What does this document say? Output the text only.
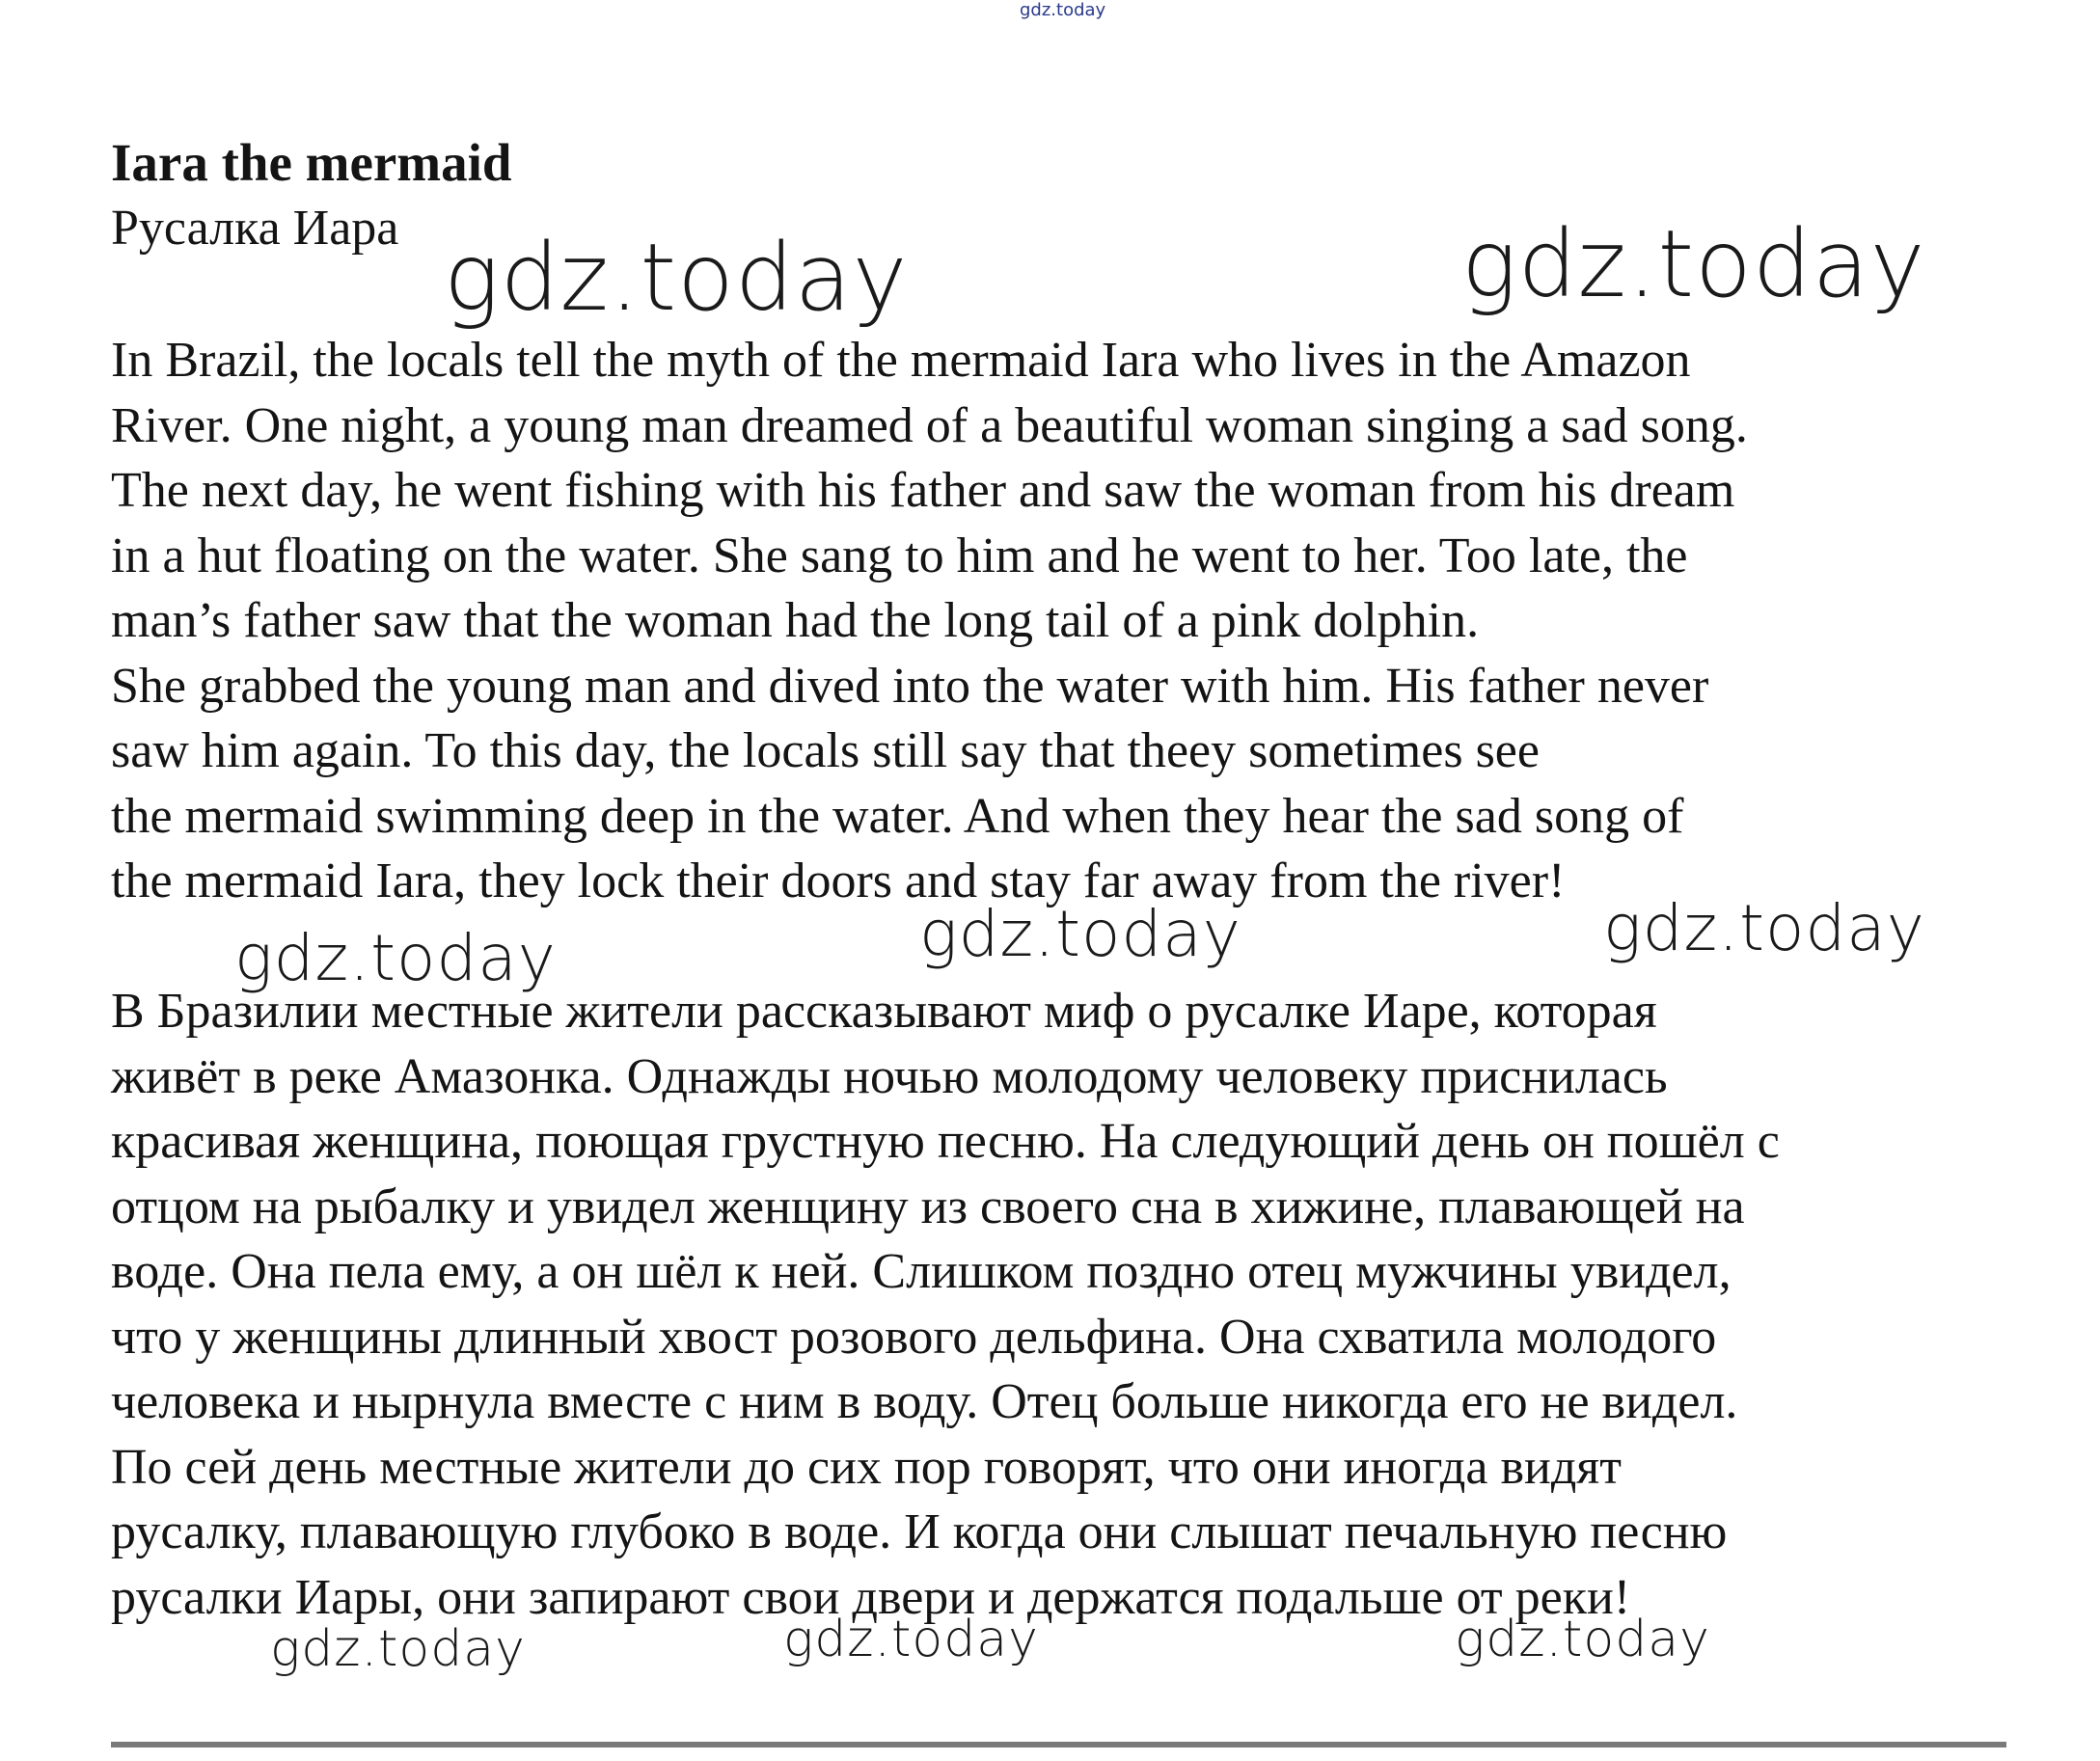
gdz.today
Iara the mermaid

Русалка Иара

In Brazil, the locals tell the myth of the mermaid Iara who lives in the Amazon
River. One night, a young man dreamed of a beautiful woman singing a sad song.
The next day, he went fishing with his father and saw the woman from his dream
in a hut floating on the water. She sang to him and he went to her. Too late, the
man’s father saw that the woman had the long tail of a pink dolphin.
She grabbed the young man and dived into the water with him. His father never
saw him again. To this day, the locals still say that theey sometimes see
the mermaid swimming deep in the water. And when they hear the sad song of
the mermaid Iara, they lock their doors and stay far away from the river!

В Бразилии местные жители рассказывают миф о русалке Иаре, которая
живёт в реке Амазонка. Однажды ночью молодому человеку приснилась
красивая женщина, поющая грустную песню. На следующий день он пошёл с
отцом на рыбалку и увидел женщину из своего сна в хижине, плавающей на
воде. Она пела ему, а он шёл к ней. Слишком поздно отец мужчины увидел,
что у женщины длинный хвост розового дельфина. Она схватила молодого
человека и нырнула вместе с ним в воду. Отец больше никогда его не видел.
По сей день местные жители до сих пор говорят, что они иногда видят
русалку, плавающую глубоко в воде. И когда они слышат печальную песню
русалки Иары, они запирают свои двери и держатся подальше от реки!

gdz.today	gdz.today
gdz.today	gdz.today	gdz.today
gdz.today	gdz.today	gdz.today
